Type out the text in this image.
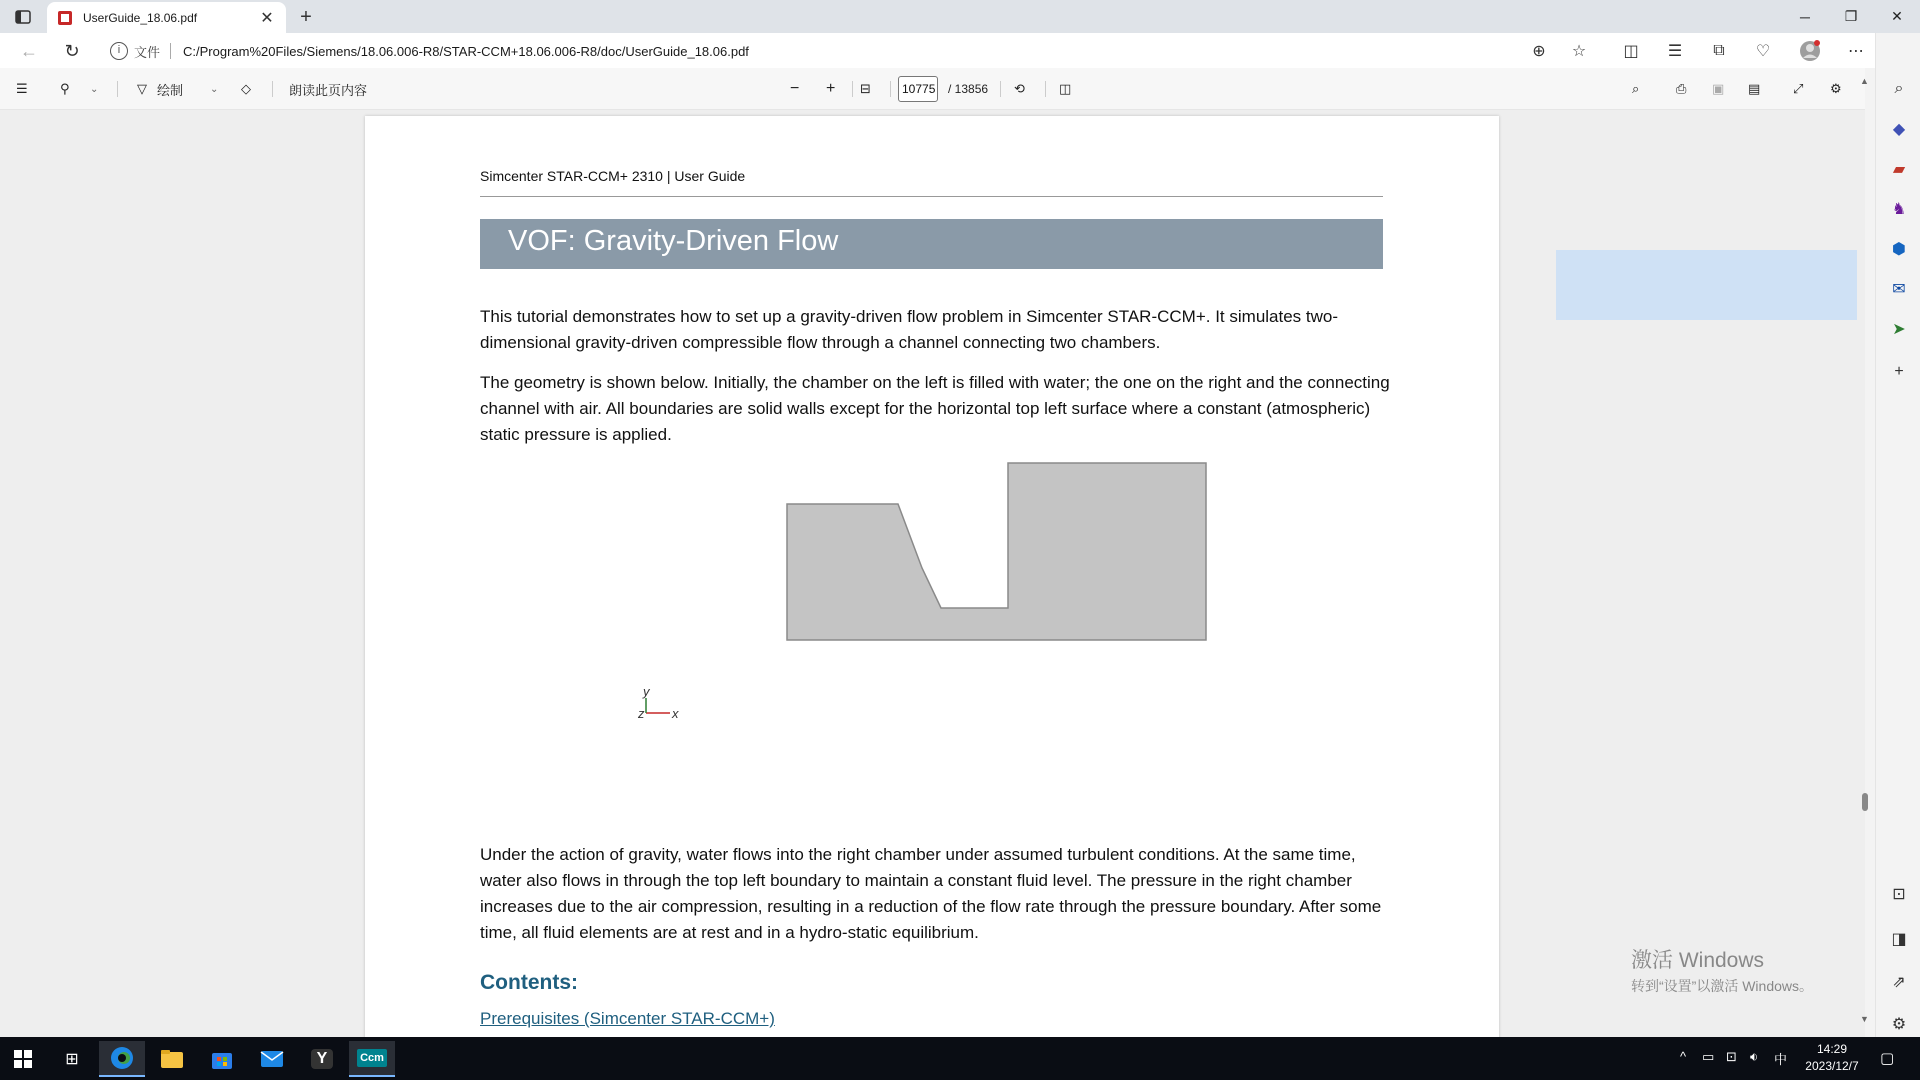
UserGuide_18.06.pdf	✕ +	─	❐	✕
← ↻	i	文件 C:/Program%20Files/Siemens/18.06.006-R8/STAR-CCM+18.06.006-R8/doc/UserGuide_18.06.pdf	⊕ ☆ ◫ ☰	⧉	♡	⋯
☰ ⚲ ⌄	▽ 绘制	⌄ ◇	朗读此页内容	− + ⊟	10775 / 13856 ⟲	◫	⌕	⎙ ▣ ▤	⤢ ⚙
Simcenter STAR-CCM+ 2310 | User Guide
VOF: Gravity-Driven Flow
This tutorial demonstrates how to set up a gravity-driven flow problem in Simcenter STAR-CCM+. It simulates two-dimensional gravity-driven compressible flow through a channel connecting two chambers.
The geometry is shown below. Initially, the chamber on the left is filled with water; the one on the right and the connecting channel with air. All boundaries are solid walls except for the horizontal top left surface where a constant (atmospheric) static pressure is applied.
y
z x
Under the action of gravity, water flows into the right chamber under assumed turbulent conditions. At the same time, water also flows in through the top left boundary to maintain a constant fluid level. The pressure in the right chamber increases due to the air compression, resulting in a reduction of the flow rate through the pressure boundary. After some time, all fluid elements are at rest and in a hydro-static equilibrium.
Contents:
Prerequisites (Simcenter STAR-CCM+)
▲
▼
激活 Windows
转到“设置”以激活 Windows。
⌕
◆
▰
♞
⬢
✉
➤
+
⊡
◨
⇗
⚙
⊞	Y	Ccm	^ ▭ ⊡ 🔉︎ 中
14:29
2023/12/7	▢
